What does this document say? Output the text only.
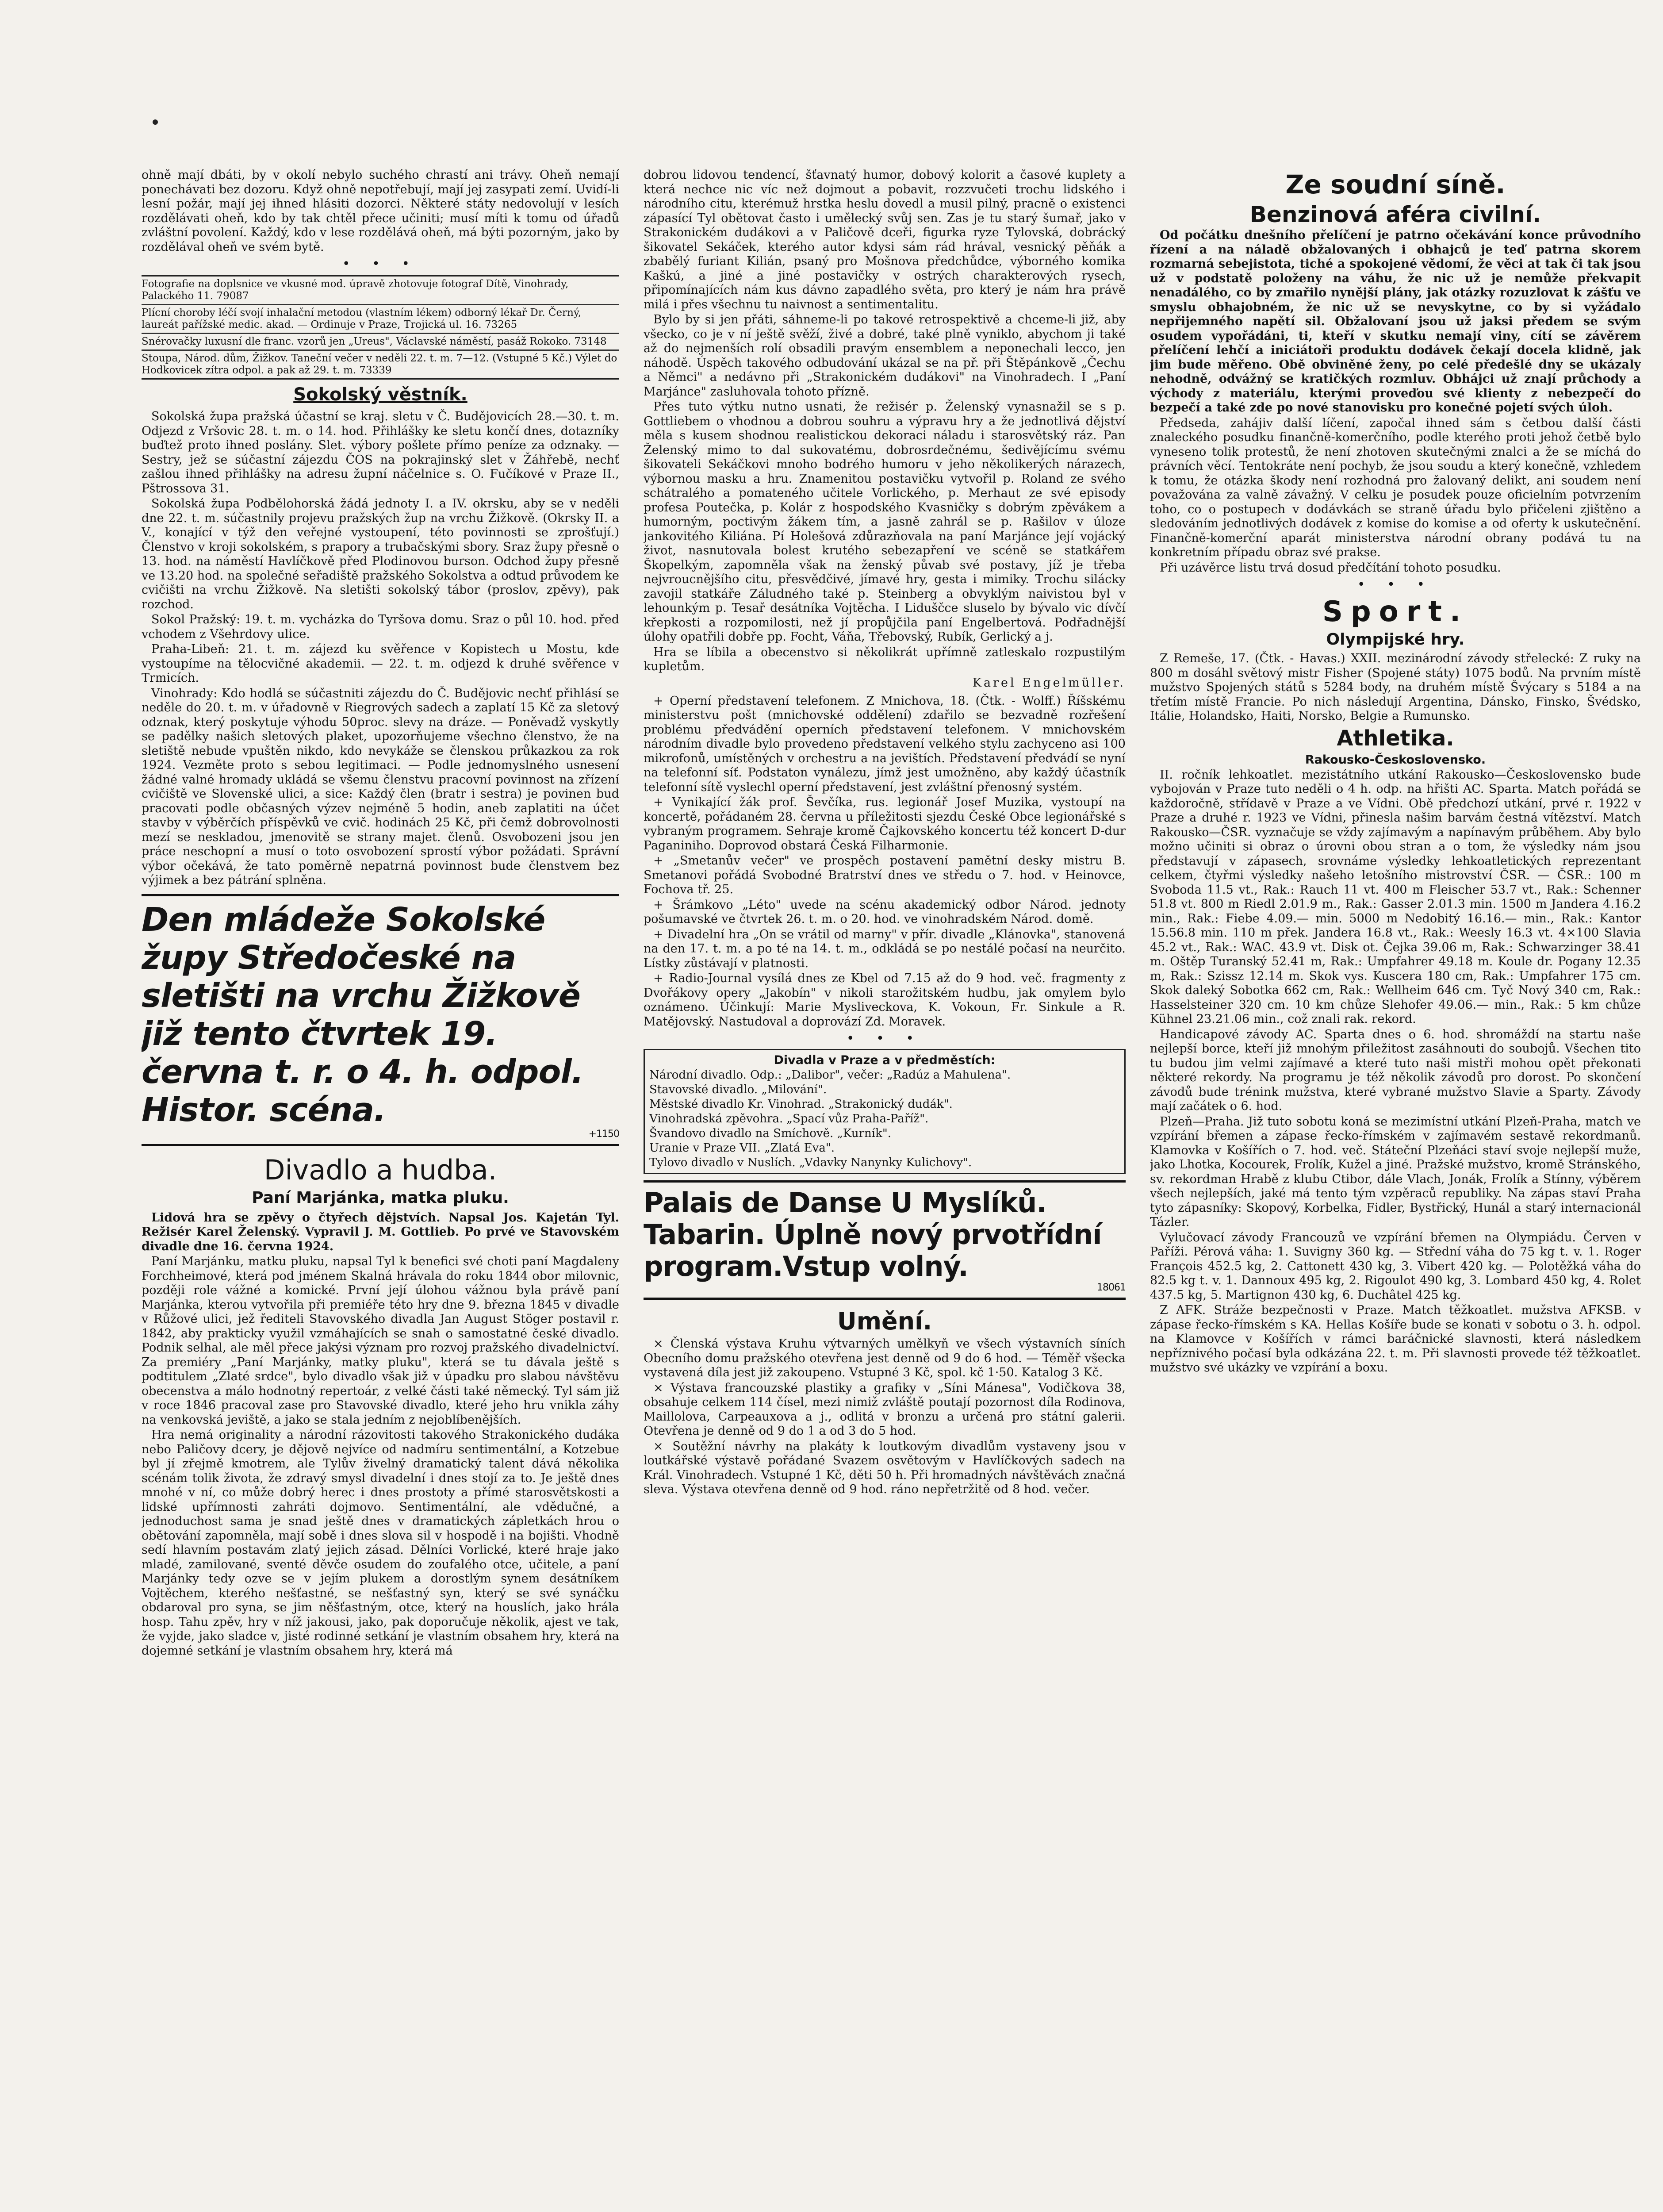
ohně mají dbáti, by v okolí nebylo suchého chrastí ani trávy. Oheň nemají ponechávati bez dozoru. Když ohně nepotřebují, mají jej zasypati zemí. Uvidí-li lesní požár, mají jej ihned hlásiti dozorci. Některé státy nedovolují v lesích rozdělávati oheň, kdo by tak chtěl přece učiniti; musí míti k tomu od úřadů zvláštní povolení. Každý, kdo v lese rozdělává oheň, má býti pozorným, jako by rozdělával oheň ve svém bytě.

• • •
Fotografie na doplsnice ve vkusné mod. úpravě zhotovuje fotograf Dítě, Vinohrady, Palackého 11. 79087
Plícní choroby léčí svojí inhalační metodou (vlastním lékem) odborný lékař Dr. Černý, laureát pařížské medic. akad. — Ordinuje v Praze, Trojická ul. 16. 73265
Snérovačky luxusní dle franc. vzorů jen „Ureus", Václavské náměstí, pasáž Rokoko. 73148
Stoupa, Národ. dům, Žižkov. Taneční večer v neděli 22. t. m. 7—12. (Vstupné 5 Kč.) Výlet do Hodkovicek zítra odpol. a pak až 29. t. m. 73339
Sokolský věstník.

Sokolská župa pražská účastní se kraj. sletu v Č. Budějovicích 28.—30. t. m. Odjezd z Vršovic 28. t. m. o 14. hod. Přihlášky ke sletu končí dnes, dotazníky buďtež proto ihned poslány. Slet. výbory pošlete přímo peníze za odznaky. — Sestry, jež se súčastní zájezdu ČOS na pokrajinský slet v Žáhřebě, nechť zašlou ihned přihlášky na adresu župní náčelnice s. O. Fučíkové v Praze II., Pštrossova 31.

Sokolská župa Podbělohorská žádá jednoty I. a IV. okrsku, aby se v neděli dne 22. t. m. súčastnily projevu pražských žup na vrchu Žižkově. (Okrsky II. a V., konající v týž den veřejné vystoupení, této povinnosti se zprošťují.) Členstvo v kroji sokolském, s prapory a trubačskými sbory. Sraz župy přesně o 13. hod. na náměstí Havlíčkově před Plodinovou burson. Odchod župy přesně ve 13.20 hod. na společné seřadiště pražského Sokolstva a odtud průvodem ke cvičišti na vrchu Žižkově. Na sletišti sokolský tábor (proslov, zpěvy), pak rozchod.

Sokol Pražský: 19. t. m. vycházka do Tyršova domu. Sraz o půl 10. hod. před vchodem z Všehrdovy ulice.

Praha-Libeň: 21. t. m. zájezd ku svěřence v Kopistech u Mostu, kde vystoupíme na tělocvičné akademii. — 22. t. m. odjezd k druhé svěřence v Trmicích.

Vinohrady: Kdo hodlá se súčastniti zájezdu do Č. Budějovic nechť přihlásí se neděle do 20. t. m. v úřadovně v Riegrových sadech a zaplatí 15 Kč za sletový odznak, který poskytuje výhodu 50proc. slevy na dráze. — Poněvadž vyskytly se padělky našich sletových plaket, upozorňujeme všechno členstvo, že na sletiště nebude vpuštěn nikdo, kdo nevykáže se členskou průkazkou za rok 1924. Vezměte proto s sebou legitimaci. — Podle jednomyslného usnesení žádné valné hromady ukládá se všemu členstvu pracovní povinnost na zřízení cvičiště ve Slovenské ulici, a sice: Každý člen (bratr i sestra) je povinen buď pracovati podle občasných výzev nejméně 5 hodin, aneb zaplatiti na účet stavby v výběrčích příspěvků ve cvič. hodinách 25 Kč, při čemž dobrovolnosti mezí se neskladou, jmenovitě se strany majet. členů. Osvobozeni jsou jen práce neschopní a musí o toto osvobození sprostí výbor požádati. Správní výbor očekává, že tato poměrně nepatrná povinnost bude členstvem bez výjimek a bez pátrání splněna.

Den mládeže Sokolské župy Středočeské na sletišti na vrchu Žižkově již tento čtvrtek 19. června t. r. o 4. h. odpol. Histor. scéna.
+1150
Divadlo a hudba.
Paní Marjánka, matka pluku.

Lidová hra se zpěvy o čtyřech dějstvích. Napsal Jos. Kajetán Tyl. Režisér Karel Želenský. Vypravil J. M. Gottlieb. Po prvé ve Stavovském divadle dne 16. června 1924.

Paní Marjánku, matku pluku, napsal Tyl k benefici své choti paní Magdaleny Forchheimové, která pod jménem Skalná hrávala do roku 1844 obor milovnic, později role vážné a komické. První její úlohou vážnou byla právě paní Marjánka, kterou vytvořila při premiéře této hry dne 9. března 1845 v divadle v Růžové ulici, jež řediteli Stavovského divadla Jan August Stöger postavil r. 1842, aby prakticky využil vzmáhajících se snah o samostatné české divadlo. Podnik selhal, ale měl přece jakýsi význam pro rozvoj pražského divadelnictví. Za premiéry „Paní Marjánky, matky pluku", která se tu dávala ještě s podtitulem „Zlaté srdce", bylo divadlo však již v úpadku pro slabou návštěvu obecenstva a málo hodnotný repertoár, z velké části také německý. Tyl sám již v roce 1846 pracoval zase pro Stavovské divadlo, které jeho hru vnikla záhy na venkovská jeviště, a jako se stala jedním z nejoblíbenějších.

Hra nemá originality a národní rázovitosti takového Strakonického dudáka nebo Paličovy dcery, je dějově nejvíce od nadmíru sentimentální, a Kotzebue byl jí zřejmě kmotrem, ale Tylův živelný dramatický talent dává několika scénám tolik života, že zdravý smysl divadelní i dnes stojí za to. Je ještě dnes mnohé v ní, co může dobrý herec i dnes prostoty a přímé starosvětskosti a lidské upřímnosti zahráti dojmovo. Sentimentální, ale vdědučné, a jednoduchost sama je snad ještě dnes v dramatických zápletkách hrou o obětování zapomněla, mají sobě i dnes slova sil v hospodě i na bojišti. Vhodně sedí hlavním postavám zlatý jejich zásad. Dělníci Vorlické, které hraje jako mladé, zamilované, sventé děvče osudem do zoufalého otce, učitele, a paní Marjánky tedy ozve se v jejím plukem a dorostlým synem desátníkem Vojtěchem, kterého nešťastné, se nešťastný syn, který se své synáčku obdaroval pro syna, se jim něšťastným, otce, který na houslích, jako hrála hosp. Tahu zpěv, hry v níž jakousi, jako, pak doporučuje několik, ajest ve tak, že vyjde, jako sladce v, jisté rodinné setkání je vlastním obsahem hry, která na dojemné setkání je vlastním obsahem hry, která má

dobrou lidovou tendencí, šťavnatý humor, dobový kolorit a časové kuplety a která nechce nic víc než dojmout a pobavit, rozzvučeti trochu lidského i národního citu, kterémuž hrstka heslu dovedl a musil pilný, pracně o existenci zápasící Tyl obětovat často i umělecký svůj sen. Zas je tu starý šumař, jako v Strakonickém dudákovi a v Paličově dceři, figurka ryze Tylovská, dobrácký šikovatel Sekáček, kterého autor kdysi sám rád hrával, vesnický pěňák a zbabělý furiant Kilián, psaný pro Mošnova předchůdce, výborného komika Kaškú, a jiné a jiné postavičky v ostrých charakterových rysech, připomínajících nám kus dávno zapadlého světa, pro který je nám hra právě milá i přes všechnu tu naivnost a sentimentalitu.

Bylo by si jen přáti, sáhneme-li po takové retrospektivě a chceme-li již, aby všecko, co je v ní ještě svěží, živé a dobré, také plně vyniklo, abychom ji také až do nejmenších rolí obsadili pravým ensemblem a neponechali lecco, jen náhodě. Úspěch takového odbudování ukázal se na př. při Štěpánkově „Čechu a Němci" a nedávno při „Strakonickém dudákovi" na Vinohradech. I „Paní Marjánce" zasluhovala tohoto přízně.

Přes tuto výtku nutno usnati, že režisér p. Želenský vynasnažil se s p. Gottliebem o vhodnou a dobrou souhru a výpravu hry a že jednotlivá dějství měla s kusem shodnou realistickou dekoraci náladu i starosvětský ráz. Pan Želenský mimo to dal sukovatému, dobrosrdečnému, šedivějícímu svému šikovateli Sekáčkovi mnoho bodrého humoru v jeho několikerých nárazech, výbornou masku a hru. Znamenitou postavičku vytvořil p. Roland ze svého schátralého a pomateného učitele Vorlického, p. Merhaut ze své episody profesa Poutečka, p. Kolár z hospodského Kvasničky s dobrým zpěvákem a humorným, poctivým žákem tím, a jasně zahrál se p. Rašilov v úloze jankovitého Kiliána. Pí Holešová zdůrazňovala na paní Marjánce její vojácký život, nasnutovala bolest krutého sebezapření ve scéně se statkářem Škopelkým, zapomněla však na ženský půvab své postavy, jíž je třeba nejvroucnějšího citu, přesvědčivé, jímavé hry, gesta i mimiky. Trochu silácky zavojil statkáře Záludného také p. Steinberg a obvyklým naivistou byl v lehounkým p. Tesař desátníka Vojtěcha. I Liduščce sluselo by bývalo vic dívčí křepkosti a rozpomilosti, než jí propůjčila paní Engelbertová. Podřadnější úlohy opatřili dobře pp. Focht, Váňa, Třebovský, Rubík, Gerlický a j.

Hra se líbila a obecenstvo si několikrát upřímně zatleskalo rozpustilým kupletům.

Karel Engelmüller.

+ Operní představení telefonem. Z Mnichova, 18. (Čtk. - Wolff.) Říšskému ministerstvu pošt (mnichovské oddělení) zdařilo se bezvadně rozřešení problému předvádění operních představení telefonem. V mnichovském národním divadle bylo provedeno představení velkého stylu zachyceno asi 100 mikrofonů, umístěných v orchestru a na jevištích. Představení předvádí se nyní na telefonní síť. Podstaton vynálezu, jímž jest umožněno, aby každý účastník telefonní sítě vyslechl operní představení, jest zvláštní přenosný systém.

+ Vynikající žák prof. Ševčíka, rus. legionář Josef Muzika, vystoupí na koncertě, pořádaném 28. června u příležitosti sjezdu České Obce legionářské s vybraným programem. Sehraje kromě Čajkovského koncertu též koncert D-dur Paganiniho. Doprovod obstará Česká Filharmonie.

+ „Smetanův večer" ve prospěch postavení pamětní desky mistru B. Smetanovi pořádá Svobodné Bratrství dnes ve středu o 7. hod. v Heinovce, Fochova tř. 25.

+ Šrámkovo „Léto" uvede na scénu akademický odbor Národ. jednoty pošumavské ve čtvrtek 26. t. m. o 20. hod. ve vinohradském Národ. domě.

+ Divadelní hra „On se vrátil od marny" v přír. divadle „Klánovka", stanovená na den 17. t. m. a po té na 14. t. m., odkládá se po nestálé počasí na neurčito. Lístky zůstávají v platnosti.

+ Radio-Journal vysílá dnes ze Kbel od 7.15 až do 9 hod. več. fragmenty z Dvořákovy opery „Jakobín" v nikoli starožitském hudbu, jak omylem bylo oznámeno. Účinkují: Marie Mysliveckova, K. Vokoun, Fr. Sinkule a R. Matějovský. Nastudoval a doprovází Zd. Moravek.

• • •
Divadla v Praze a v předměstích:
Národní divadlo. Odp.: „Dalibor", večer: „Radúz a Mahulena".
Stavovské divadlo. „Milování".
Městské divadlo Kr. Vinohrad. „Strakonický dudák".
Vinohradská zpěvohra. „Spací vůz Praha-Paříž".
Švandovo divadlo na Smíchově. „Kurník".
Uranie v Praze VII. „Zlatá Eva".
Tylovo divadlo v Nuslích. „Vdavky Nanynky Kulichovy".
Palais de Danse U Myslíků. Tabarin. Úplně nový prvotřídní program.Vstup volný.
18061
Umění.

× Členská výstava Kruhu výtvarných umělkyň ve všech výstavních síních Obecního domu pražského otevřena jest denně od 9 do 6 hod. — Téměř všecka vystavená díla jest již zakoupeno. Vstupné 3 Kč, spol. kč 1·50. Katalog 3 Kč.

× Výstava francouzské plastiky a grafiky v „Síni Mánesa", Vodičkova 38, obsahuje celkem 114 čísel, mezi nimiž zvláště poutají pozornost díla Rodinova, Maillolova, Carpeauxova a j., odlitá v bronzu a určená pro státní galerii. Otevřena je denně od 9 do 1 a od 3 do 5 hod.

× Soutěžní návrhy na plakáty k loutkovým divadlům vystaveny jsou v loutkářské výstavě pořádané Svazem osvětovým v Havlíčkových sadech na Král. Vinohradech. Vstupné 1 Kč, děti 50 h. Při hromadných návštěvách značná sleva. Výstava otevřena denně od 9 hod. ráno nepřetržitě od 8 hod. večer.

Ze soudní síně.
Benzinová aféra civilní.

Od počátku dnešního přelíčení je patrno očekávání konce průvodního řízení a na náladě obžalovaných i obhajců je teď patrna skorem rozmarná sebejistota, tiché a spokojené vědomí, že věci at tak či tak jsou už v podstatě položeny na váhu, že nic už je nemůže překvapit nenadálého, co by zmařilo nynější plány, jak otázky rozuzlovat k zášťu ve smyslu obhajobném, že nic už se nevyskytne, co by si vyžádalo nepřijemného napětí sil. Obžalovaní jsou už jaksi předem se svým osudem vypořádáni, ti, kteří v skutku nemají viny, cítí se závěrem přelíčení lehčí a iniciátoři produktu dodávek čekají docela klidně, jak jim bude měřeno. Obě obviněné ženy, po celé předešlé dny se ukázaly nehodně, odvážný se kratičkých rozmluv. Obhájci už znají průchody a východy z materiálu, kterými proveďou své klienty z nebezpečí do bezpečí a také zde po nové stanovisku pro konečné pojetí svých úloh.

Předseda, zahájiv další líčení, započal ihned sám s četbou další části znaleckého posudku finančně-komerčního, podle kterého proti jehož četbě bylo vyneseno tolik protestů, že není zhotoven skutečnými znalci a že se míchá do právních věcí. Tentokráte není pochyb, že jsou soudu a který konečně, vzhledem k tomu, že otázka škody není rozhodná pro žalovaný delikt, ani soudem není považována za valně závažný. V celku je posudek pouze oficielním potvrzením toho, co o postupech v dodávkách se straně úřadu bylo přičeleni zjištěno a sledováním jednotlivých dodávek z komise do komise a od oferty k uskutečnění. Finančně-komerční aparát ministerstva národní obrany podává tu na konkretním případu obraz své prakse.

Při uzávěrce listu trvá dosud předčítání tohoto posudku.

• • •
Sport.
Olympijské hry.

Z Remeše, 17. (Čtk. - Havas.) XXII. mezinárodní závody střelecké: Z ruky na 800 m dosáhl světový mistr Fisher (Spojené státy) 1075 bodů. Na prvním místě mužstvo Spojených států s 5284 body, na druhém místě Švýcary s 5184 a na třetím místě Francie. Po nich následují Argentina, Dánsko, Finsko, Švédsko, Itálie, Holandsko, Haiti, Norsko, Belgie a Rumunsko.

Athletika.
Rakousko-Československo.

II. ročník lehkoatlet. mezistátního utkání Rakousko—Československo bude vybojován v Praze tuto neděli o 4 h. odp. na hřišti AC. Sparta. Match pořádá se každoročně, střídavě v Praze a ve Vídni. Obě předchozí utkání, prvé r. 1922 v Praze a druhé r. 1923 ve Vídni, přinesla našim barvám čestná vítězství. Match Rakousko—ČSR. vyznačuje se vždy zajímavým a napínavým průběhem. Aby bylo možno učiniti si obraz o úrovni obou stran a o tom, že výsledky nám jsou představují v zápasech, srovnáme výsledky lehkoatletických reprezentant celkem, čtyřmi výsledky našeho letošního mistrovství ČSR. — ČSR.: 100 m Svoboda 11.5 vt., Rak.: Rauch 11 vt. 400 m Fleischer 53.7 vt., Rak.: Schenner 51.8 vt. 800 m Riedl 2.01.9 m., Rak.: Gasser 2.01.3 min. 1500 m Jandera 4.16.2 min., Rak.: Fiebe 4.09.— min. 5000 m Nedobitý 16.16.— min., Rak.: Kantor 15.56.8 min. 110 m přek. Jandera 16.8 vt., Rak.: Weesly 16.3 vt. 4×100 Slavia 45.2 vt., Rak.: WAC. 43.9 vt. Disk ot. Čejka 39.06 m, Rak.: Schwarzinger 38.41 m. Oštěp Turanský 52.41 m, Rak.: Umpfahrer 49.18 m. Koule dr. Pogany 12.35 m, Rak.: Szissz 12.14 m. Skok vys. Kuscera 180 cm, Rak.: Umpfahrer 175 cm. Skok daleký Sobotka 662 cm, Rak.: Wellheim 646 cm. Tyč Nový 340 cm, Rak.: Hasselsteiner 320 cm. 10 km chůze Slehofer 49.06.— min., Rak.: 5 km chůze Kühnel 23.21.06 min., což znali rak. rekord.

Handicapové závody AC. Sparta dnes o 6. hod. shromáždí na startu naše nejlepší borce, kteří již mnohým přiležitost zasáhnouti do soubojů. Všechen tito tu budou jim velmi zajímavé a které tuto naši mistři mohou opět překonati některé rekordy. Na programu je též několik závodů pro dorost. Po skončení závodů bude trénink mužstva, které vybrané mužstvo Slavie a Sparty. Závody mají začátek o 6. hod.

Plzeň—Praha. Již tuto sobotu koná se mezimístní utkání Plzeň-Praha, match ve vzpírání břemen a zápase řecko-římském v zajímavém sestavě rekordmanů. Klamovka v Košířích o 7. hod. več. Státeční Plzeňáci staví svoje nejlepší muže, jako Lhotka, Kocourek, Frolík, Kužel a jiné. Pražské mužstvo, kromě Stránského, sv. rekordman Hrabě z klubu Ctibor, dále Vlach, Jonák, Frolík a Stínny, výběrem všech nejlepších, jaké má tento tým vzpěraců republiky. Na zápas staví Praha tyto zápasníky: Skopový, Korbelka, Fidler, Bystřický, Hunál a starý internacionál Tázler.

Vylučovací závody Francouzů ve vzpírání břemen na Olympiádu. Červen v Paříži. Pérová váha: 1. Suvigny 360 kg. — Střední váha do 75 kg t. v. 1. Roger François 452.5 kg, 2. Cattonett 430 kg, 3. Vibert 420 kg. — Polotěžká váha do 82.5 kg t. v. 1. Dannoux 495 kg, 2. Rigoulot 490 kg, 3. Lombard 450 kg, 4. Rolet 437.5 kg, 5. Martignon 430 kg, 6. Duchâtel 425 kg.

Z AFK. Stráže bezpečnosti v Praze. Match těžkoatlet. mužstva AFKSB. v zápase řecko-římském s KA. Hellas Košíře bude se konati v sobotu o 3. h. odpol. na Klamovce v Košířích v rámci baráčnické slavnosti, která následkem nepříznivého počasí byla odkázána 22. t. m. Při slavnosti provede též těžkoatlet. mužstvo své ukázky ve vzpírání a boxu.
